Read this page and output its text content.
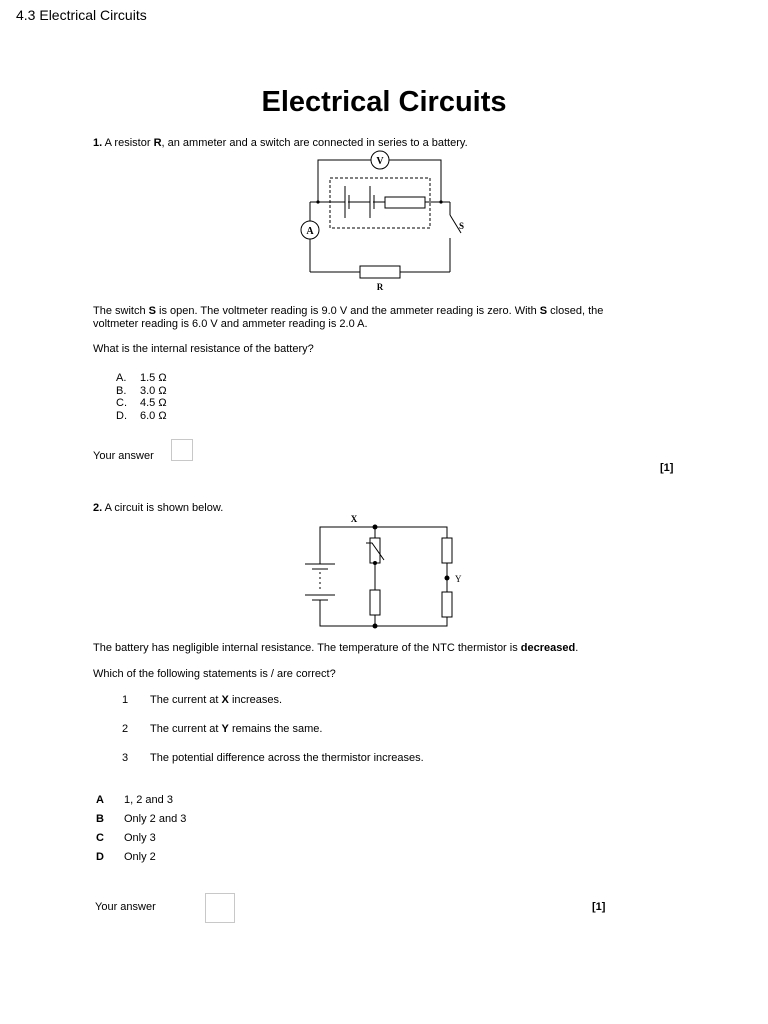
4.3 Electrical Circuits
Electrical Circuits
1. A resistor R, an ammeter and a switch are connected in series to a battery.
V
A	S
R
The switch S is open. The voltmeter reading is 9.0 V and the ammeter reading is zero. With S closed, the
voltmeter reading is 6.0 V and ammeter reading is 2.0 A.
What is the internal resistance of the battery?
A. 1.5 Ω
B. 3.0 Ω
C. 4.5 Ω
D. 6.0 Ω
Your answer
[1]
2. A circuit is shown below.
X
Y
The battery has negligible internal resistance. The temperature of the NTC thermistor is decreased.
Which of the following statements is / are correct?
1 The current at X increases.
2 The current at Y remains the same.
3 The potential difference across the thermistor increases.
A 1, 2 and 3
B Only 2 and 3
C Only 3
D Only 2
Your answer	[1]
